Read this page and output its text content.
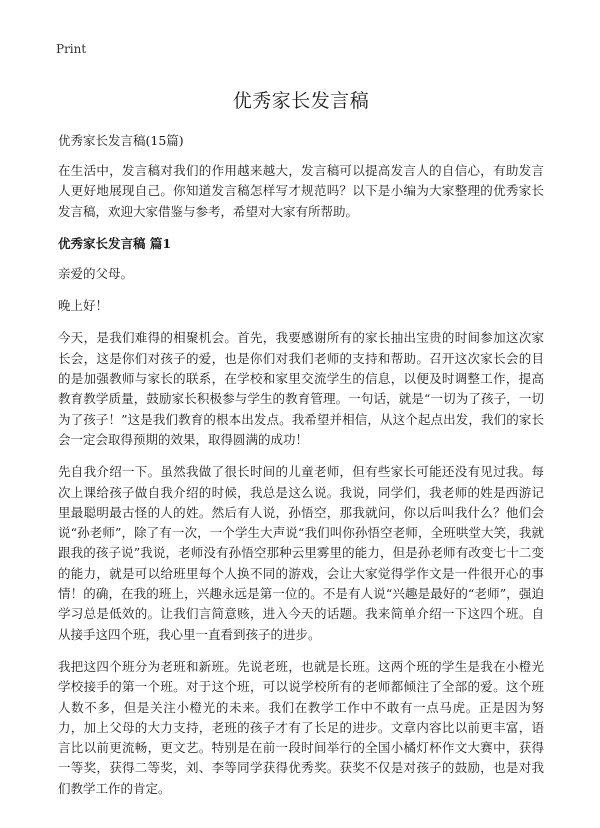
Print
优秀家长发言稿
优秀家长发言稿(15篇)

在生活中，发言稿对我们的作用越来越大，发言稿可以提高发言人的自信心，有助发言人更好地展现自己。你知道发言稿怎样写才规范吗？以下是小编为大家整理的优秀家长发言稿，欢迎大家借鉴与参考，希望对大家有所帮助。

优秀家长发言稿 篇1

亲爱的父母。

晚上好！

今天，是我们难得的相聚机会。首先，我要感谢所有的家长抽出宝贵的时间参加这次家长会，这是你们对孩子的爱，也是你们对我们老师的支持和帮助。召开这次家长会的目的是加强教师与家长的联系，在学校和家里交流学生的信息，以便及时调整工作，提高教育教学质量，鼓励家长积极参与学生的教育管理。一句话，就是“一切为了孩子，一切为了孩子！”这是我们教育的根本出发点。我希望并相信，从这个起点出发，我们的家长会一定会取得预期的效果，取得圆满的成功！

先自我介绍一下。虽然我做了很长时间的儿童老师，但有些家长可能还没有见过我。每次上课给孩子做自我介绍的时候，我总是这么说。我说，同学们，我老师的姓是西游记里最聪明最古怪的人的姓。然后有人说，孙悟空，那我就问，你以后叫我什么？他们会说“孙老师”，除了有一次，一个学生大声说“我们叫你孙悟空老师，全班哄堂大笑，我就跟我的孩子说”我说，老师没有孙悟空那种云里雾里的能力，但是孙老师有改变七十二变的能力，就是可以给班里每个人换不同的游戏，会让大家觉得学作文是一件很开心的事情！的确，在我的班上，兴趣永远是第一位的。不是有人说“兴趣是最好的“老师”，强迫学习总是低效的。让我们言简意赅，进入今天的话题。我来简单介绍一下这四个班。自从接手这四个班，我心里一直看到孩子的进步。

我把这四个班分为老班和新班。先说老班，也就是长班。这两个班的学生是我在小橙光学校接手的第一个班。对于这个班，可以说学校所有的老师都倾注了全部的爱。这个班人数不多，但是关注小橙光的未来。我们在教学工作中不敢有一点马虎。正是因为努力，加上父母的大力支持，老班的孩子才有了长足的进步。文章内容比以前更丰富，语言比以前更流畅，更文艺。特别是在前一段时间举行的全国小橘灯杯作文大赛中，获得一等奖，获得二等奖，刘、李等同学获得优秀奖。获奖不仅是对孩子的鼓励，也是对我们教学工作的肯定。
